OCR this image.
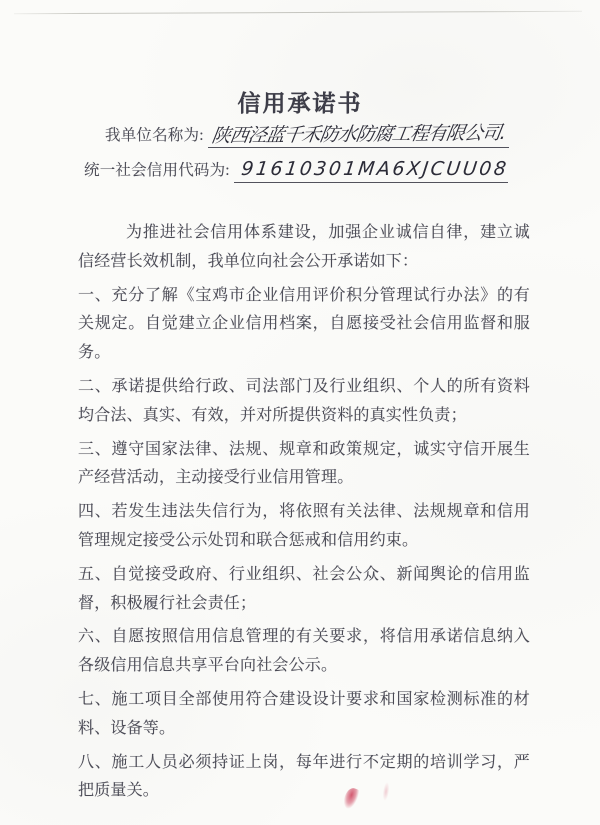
信用承诺书
我单位名称为: 陕西泾蓝千禾防水防腐工程有限公司.
统一社会信用代码为: 91610301MA6XJCUU08

为推进社会信用体系建设，加强企业诚信自律，建立诚信经营长效机制，我单位向社会公开承诺如下：

一、充分了解《宝鸡市企业信用评价积分管理试行办法》的有关规定。自觉建立企业信用档案，自愿接受社会信用监督和服务。

二、承诺提供给行政、司法部门及行业组织、个人的所有资料均合法、真实、有效，并对所提供资料的真实性负责；

三、遵守国家法律、法规、规章和政策规定，诚实守信开展生产经营活动，主动接受行业信用管理。

四、若发生违法失信行为，将依照有关法律、法规规章和信用管理规定接受公示处罚和联合惩戒和信用约束。

五、自觉接受政府、行业组织、社会公众、新闻舆论的信用监督，积极履行社会责任；

六、自愿按照信用信息管理的有关要求，将信用承诺信息纳入各级信用信息共享平台向社会公示。

七、施工项目全部使用符合建设设计要求和国家检测标准的材料、设备等。

八、施工人员必须持证上岗，每年进行不定期的培训学习，严把质量关。
